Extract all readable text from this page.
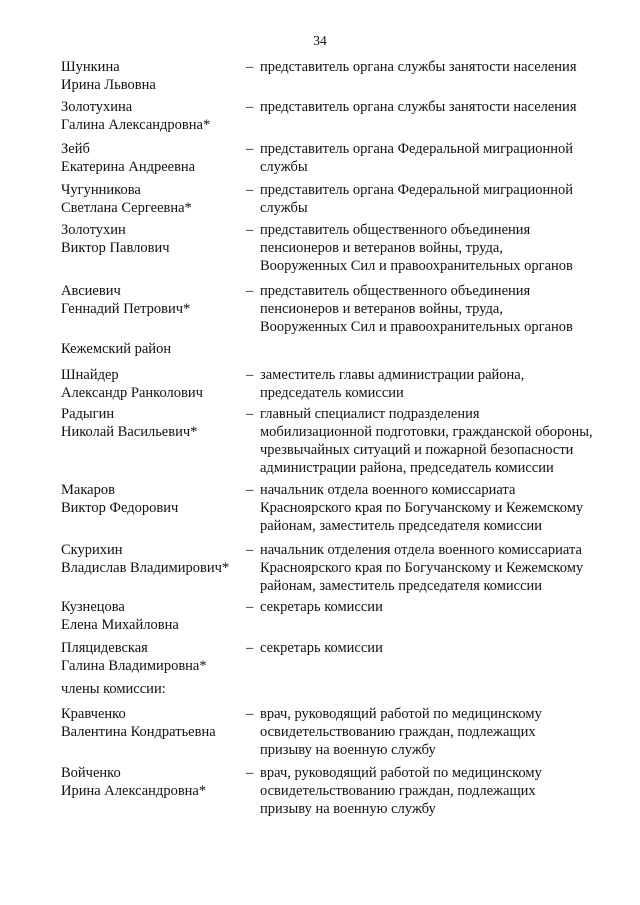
34
Шункина
Ирина Львовна
– представитель органа службы занятости населения
Золотухина
Галина Александровна*
– представитель органа службы занятости населения
Зейб
Екатерина Андреевна
– представитель органа Федеральной миграционной
службы
Чугунникова
Светлана Сергеевна*
– представитель органа Федеральной миграционной
службы
Золотухин
Виктор Павлович
– представитель общественного объединения
пенсионеров и ветеранов войны, труда,
Вооруженных Сил и правоохранительных органов
Авсиевич
Геннадий Петрович*
– представитель общественного объединения
пенсионеров и ветеранов войны, труда,
Вооруженных Сил и правоохранительных органов
Шнайдер
Александр Ранколович
– заместитель главы администрации района,
председатель комиссии
Радыгин
Николай Васильевич*
– главный специалист подразделения
мобилизационной подготовки, гражданской обороны,
чрезвычайных ситуаций и пожарной безопасности
администрации района, председатель комиссии
Макаров
Виктор Федорович
– начальник отдела военного комиссариата
Красноярского края по Богучанскому и Кежемскому
районам, заместитель председателя комиссии
Скурихин
Владислав Владимирович*
– начальник отделения отдела военного комиссариата
Красноярского края по Богучанскому и Кежемскому
районам, заместитель председателя комиссии
Кузнецова
Елена Михайловна
– секретарь комиссии
Пляцидевская
Галина Владимировна*
– секретарь комиссии
Кравченко
Валентина Кондратьевна
– врач, руководящий работой по медицинскому
освидетельствованию граждан, подлежащих
призыву на военную службу
Войченко
Ирина Александровна*
– врач, руководящий работой по медицинскому
освидетельствованию граждан, подлежащих
призыву на военную службу
Кежемский район
члены комиссии:
